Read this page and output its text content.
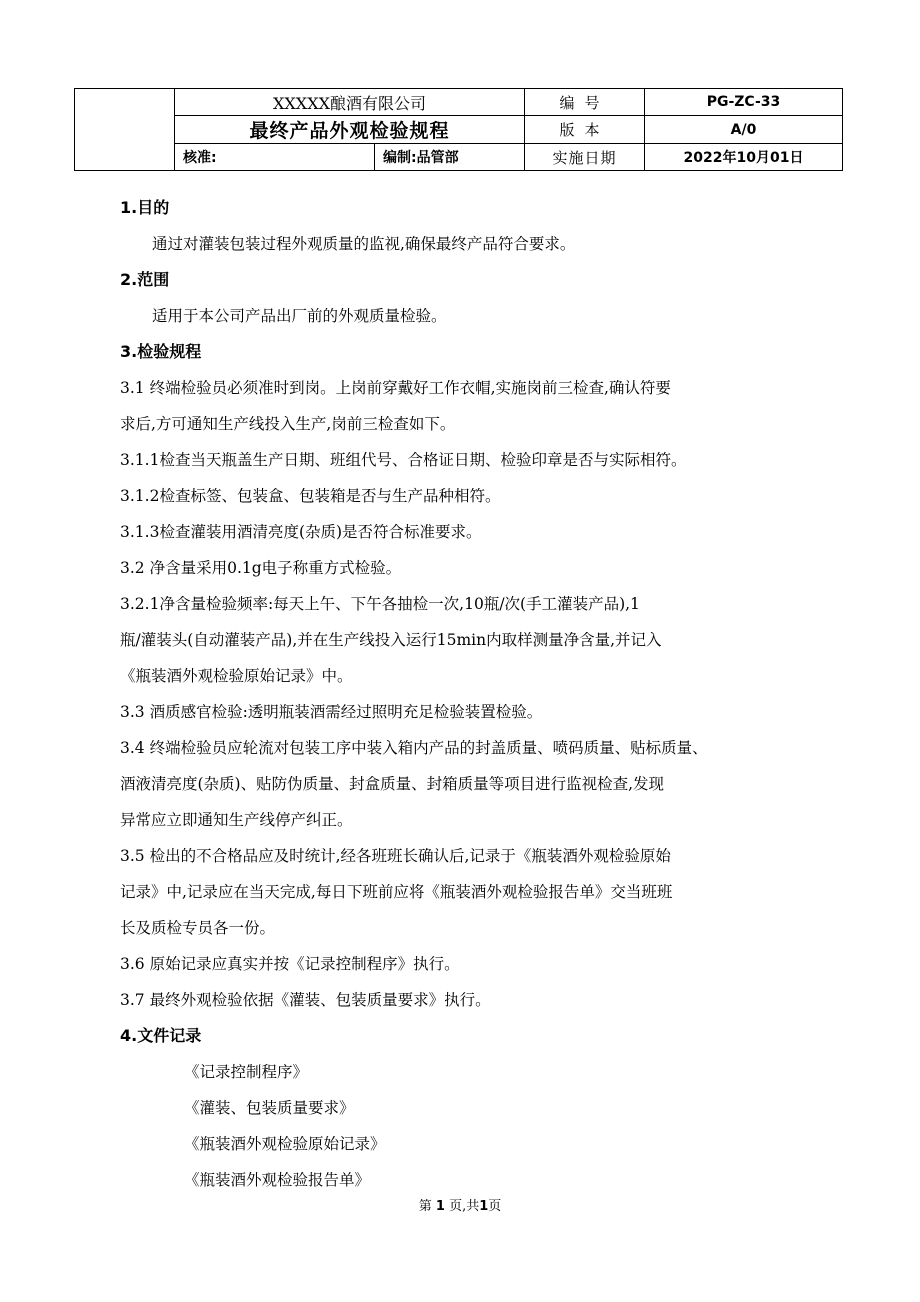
	XXXXX酿酒有限公司		编号	PG-ZC-33
	最终产品外观检验规程		版本	A/0
	核准:	编制:品管部	实施日期	2022年10月01日

1.目的

通过对灌装包装过程外观质量的监视,确保最终产品符合要求。

2.范围

适用于本公司产品出厂前的外观质量检验。

3.检验规程

3.1 终端检验员必须准时到岗。上岗前穿戴好工作衣帽,实施岗前三检查,确认符要

求后,方可通知生产线投入生产,岗前三检查如下。

3.1.1检查当天瓶盖生产日期、班组代号、合格证日期、检验印章是否与实际相符。

3.1.2检查标签、包装盒、包装箱是否与生产品种相符。

3.1.3检查灌装用酒清亮度(杂质)是否符合标准要求。

3.2 净含量采用0.1g电子称重方式检验。

3.2.1净含量检验频率:每天上午、下午各抽检一次,10瓶/次(手工灌装产品),1

瓶/灌装头(自动灌装产品),并在生产线投入运行15min内取样测量净含量,并记入

《瓶装酒外观检验原始记录》中。

3.3 酒质感官检验:透明瓶装酒需经过照明充足检验装置检验。

3.4 终端检验员应轮流对包装工序中装入箱内产品的封盖质量、喷码质量、贴标质量、

酒液清亮度(杂质)、贴防伪质量、封盒质量、封箱质量等项目进行监视检查,发现

异常应立即通知生产线停产纠正。

3.5 检出的不合格品应及时统计,经各班班长确认后,记录于《瓶装酒外观检验原始

记录》中,记录应在当天完成,每日下班前应将《瓶装酒外观检验报告单》交当班班

长及质检专员各一份。

3.6 原始记录应真实并按《记录控制程序》执行。

3.7 最终外观检验依据《灌装、包装质量要求》执行。

4.文件记录

《记录控制程序》

《灌装、包装质量要求》

《瓶装酒外观检验原始记录》

《瓶装酒外观检验报告单》

第 1 页,共1页
